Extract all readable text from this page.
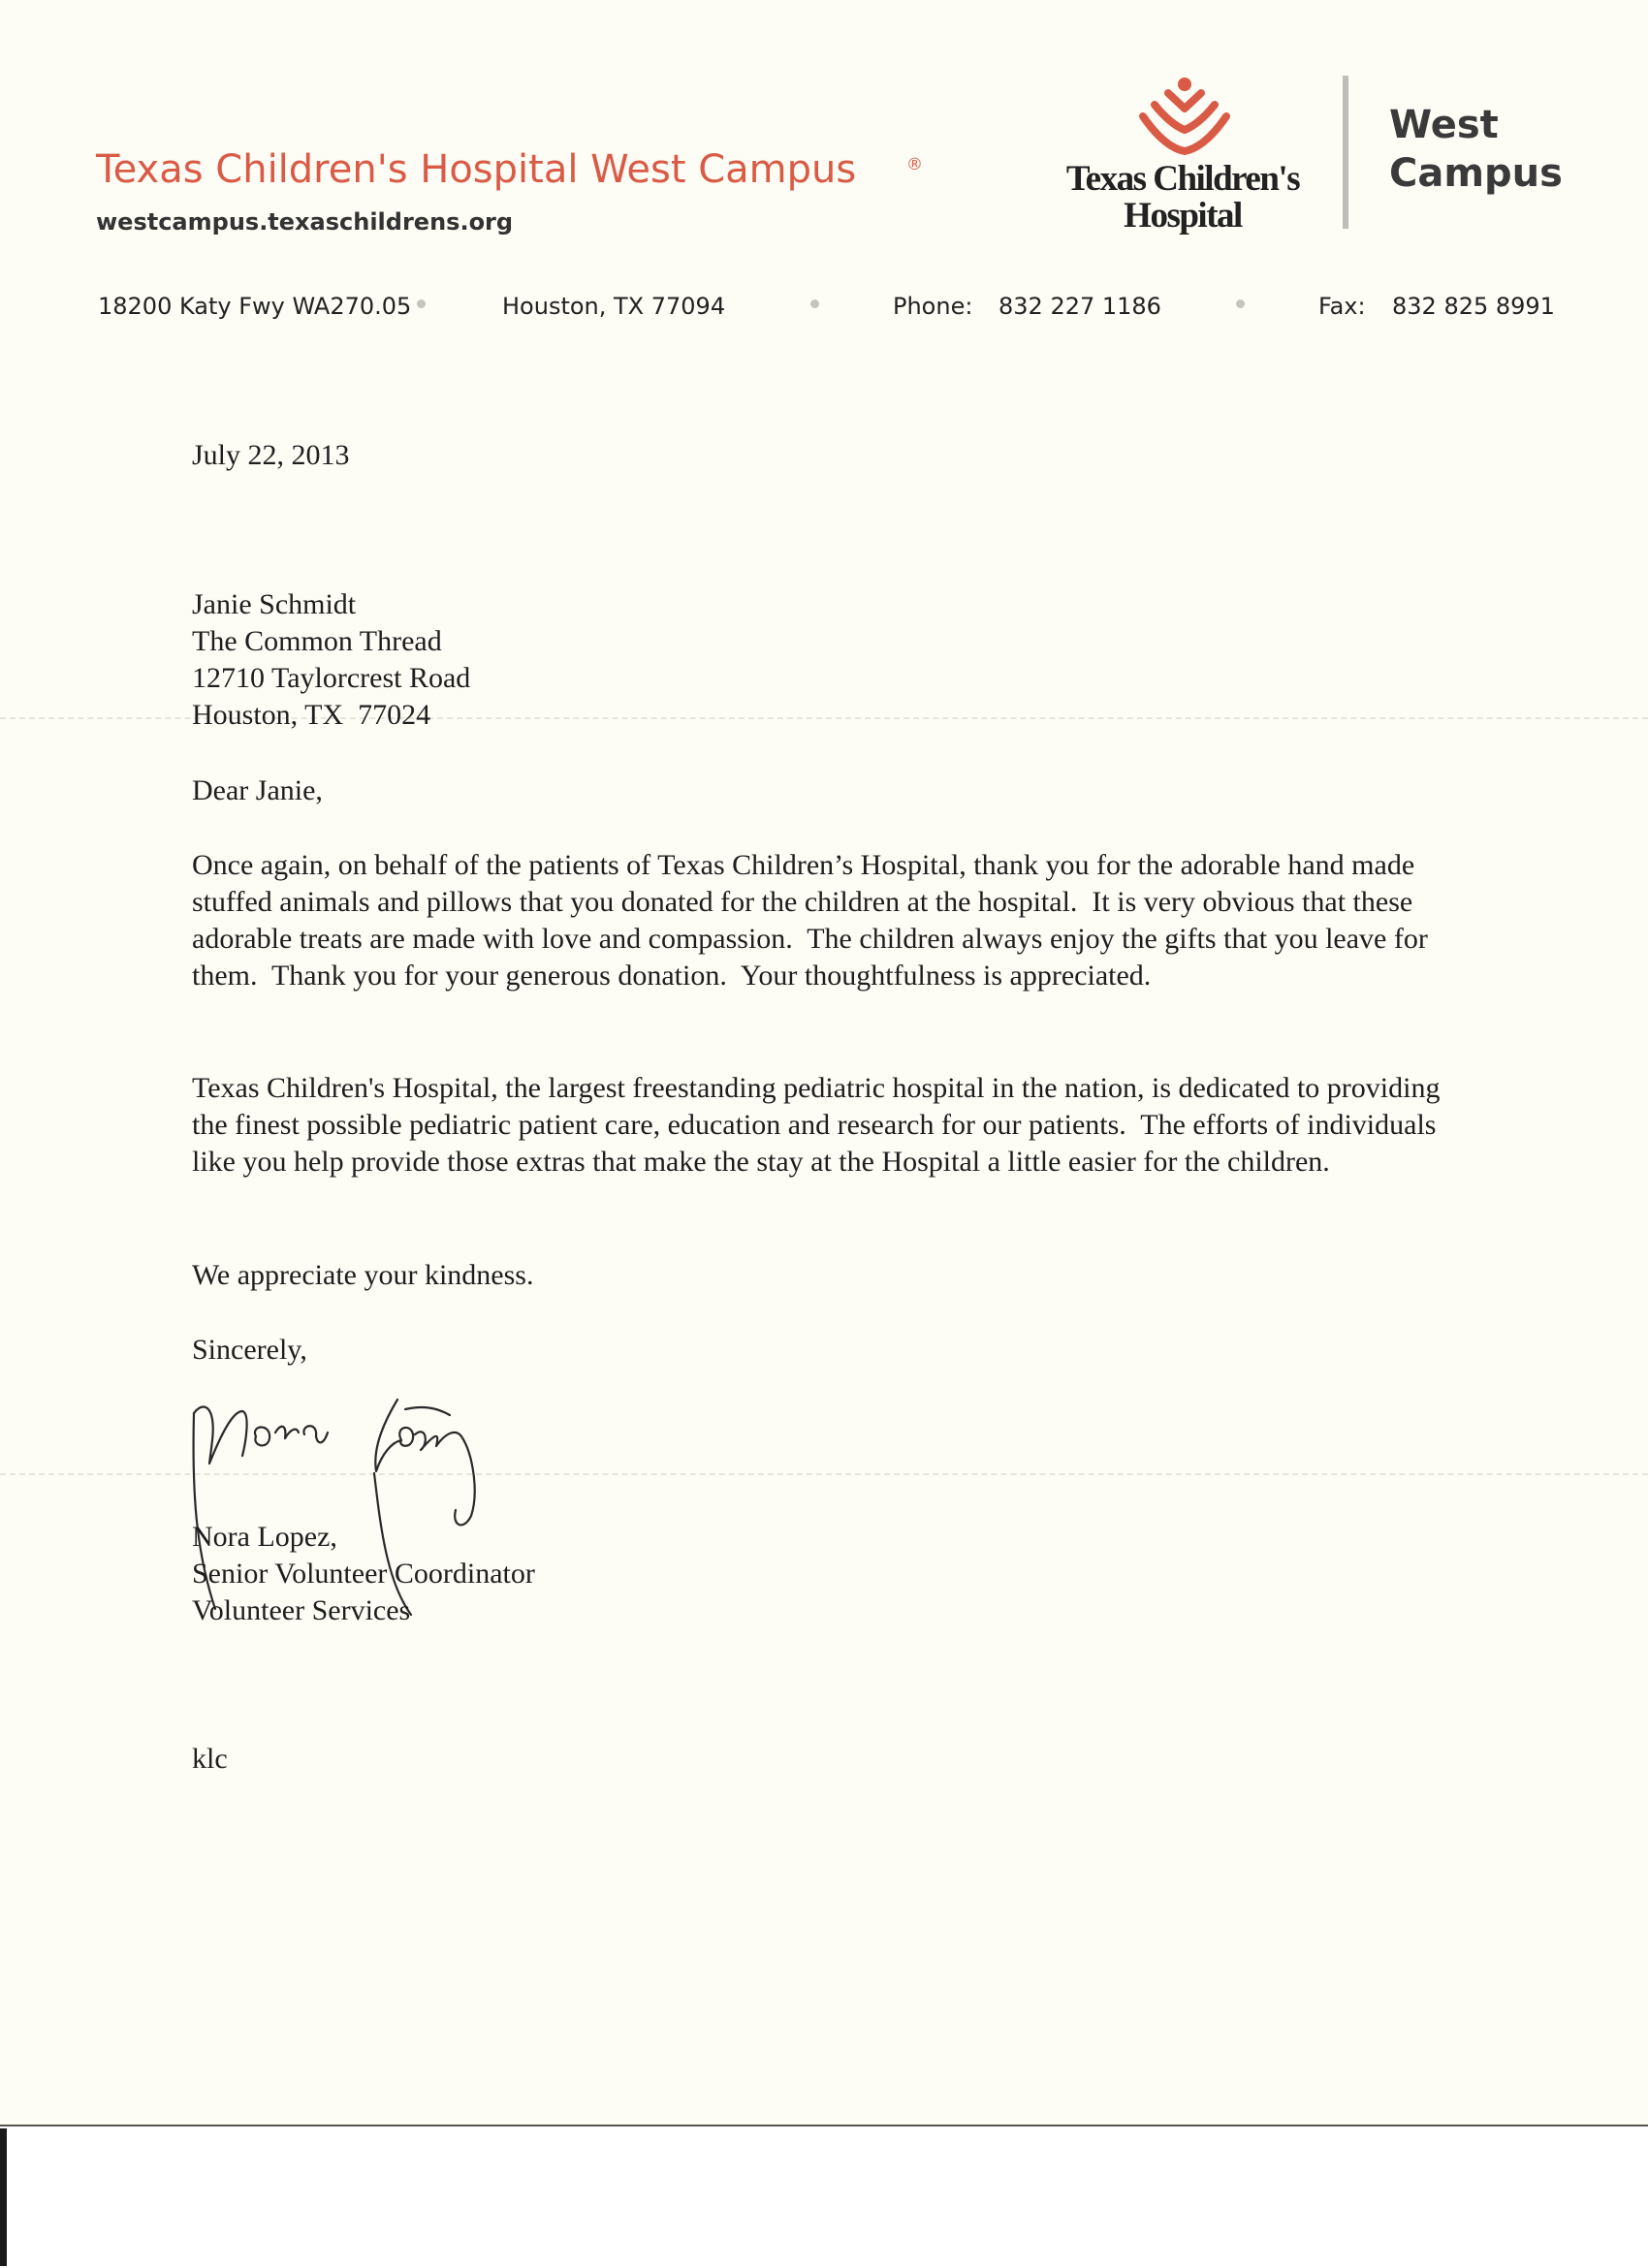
Texas Children's Hospital West Campus	®
westcampus.texaschildrens.org
Texas Children's
Hospital
West
Campus
18200 Katy Fwy WA270.05	Houston, TX 77094	Phone: 832 227 1186	Fax: 832 825 8991

July 22, 2013

Janie Schmidt

The Common Thread

12710 Taylorcrest Road

Houston, TX  77024

Dear Janie,

Once again, on behalf of the patients of Texas Children’s Hospital, thank you for the adorable hand made stuffed animals and pillows that you donated for the children at the hospital.  It is very obvious that these adorable treats are made with love and compassion.  The children always enjoy the gifts that you leave for them.  Thank you for your generous donation.  Your thoughtfulness is appreciated.

Texas Children's Hospital, the largest freestanding pediatric hospital in the nation, is dedicated to providing the finest possible pediatric patient care, education and research for our patients.  The efforts of individuals like you help provide those extras that make the stay at the Hospital a little easier for the children.

We appreciate your kindness.

Sincerely,

Nora Lopez,

Senior Volunteer Coordinator

Volunteer Services

klc
